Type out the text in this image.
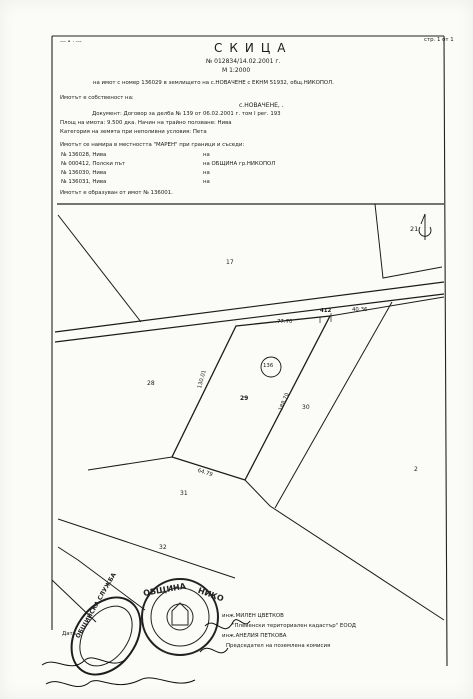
--- • · ---	стр. 1 от 1
СКИЦА
№ 012834/14.02.2001 г.
М 1:2000
на имот с номер 136029 в землището на с.НОВАЧЕНЕ с ЕКНМ 51932, общ.НИКОПОЛ.
Имотът е собственост на:
с.НОВАЧЕНЕ, .
Документ: Договор за делба № 139 от 06.02.2001 г. том I рег. 193
Площ на имота: 9.500 дка. Начин на трайно ползване: Нива
Категория на земята при неполивни условия: Пета
Имотът се намира в местността "МАРЕН" при граници и съседи:
№ 136028, Нива	на
№ 000412, Полски път	на ОБЩИНА гр.НИКОПОЛ
№ 136030, Нива	на
№ 136031, Нива	на
Имотът е образуван от имот № 136001.
ОБЩИНА НИКО
ОБЩИНСКА СЛУЖБА
21
17
412	40.36
77.70
136
28
29
30
130.01
188.70
64.79	2
31
32
Дата
инж.МИЛЕН ЦВЕТКОВ
"Плевенски териториален кадастър" ЕООД
инж.АНЕЛИЯ ПЕТКОВА
Председател на поземлена комисия
